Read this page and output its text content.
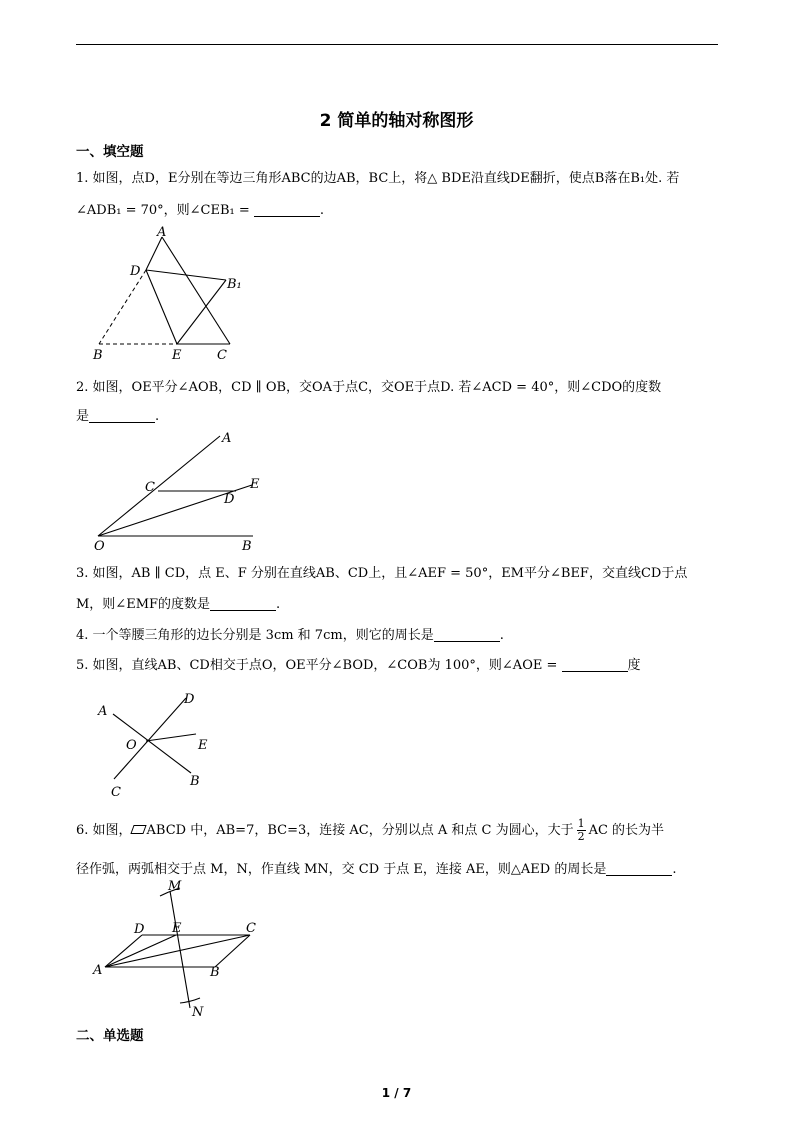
2 简单的轴对称图形
一、填空题
1. 如图，点D，E分别在等边三角形ABC的边AB，BC上，将△ BDE沿直线DE翻折，使点B落在B₁处. 若
∠ADB₁ = 70°，则∠CEB₁ =	.
A
D
B₁
B	E	C
2. 如图，OE平分∠AOB，CD ∥ OB，交OA于点C，交OE于点D. 若∠ACD = 40°，则∠CDO的度数
是	.
A
C
D
E
O	B
3. 如图，AB ∥ CD，点 E、F 分别在直线AB、CD上，且∠AEF = 50°，EM平分∠BEF，交直线CD于点
M，则∠EMF的度数是	.
4. 一个等腰三角形的边长分别是 3cm 和 7cm，则它的周长是	.
5. 如图，直线AB、CD相交于点O，OE平分∠BOD，∠COB为 100°，则∠AOE =	度
A
D
O	E
B
C
6. 如图， ABCD 中，AB=7，BC=3，连接 AC，分别以点 A 和点 C 为圆心，大于 $\frac{1}{2}$ AC 的长为半
径作弧，两弧相交于点 M，N，作直线 MN，交 CD 于点 E，连接 AE，则△AED 的周长是	.
M
D E	C
A	B
N
二、单选题
1 / 7
